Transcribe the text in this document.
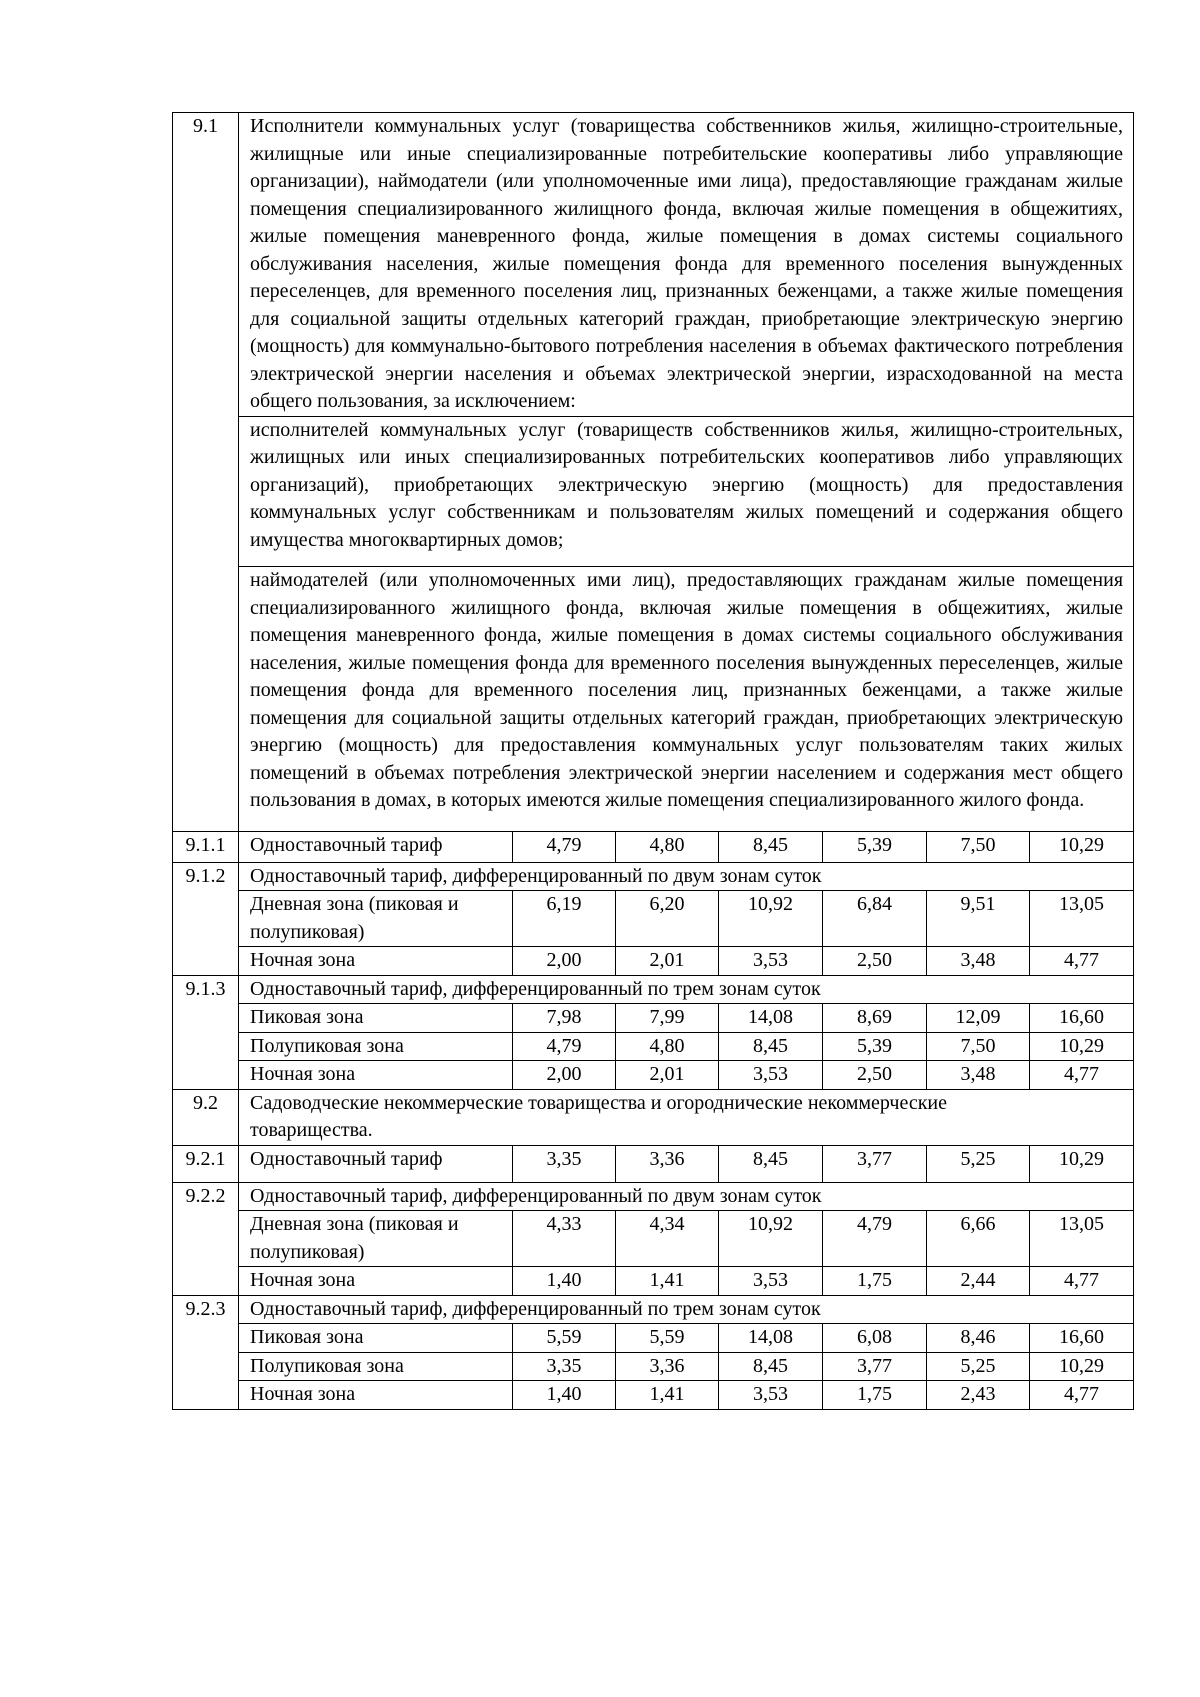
9.1	Исполнители коммунальных услуг (товарищества собственников жилья, жилищно-строительные, жилищные или иные специализированные потребительские кооперативы либо управляющие организации), наймодатели (или уполномоченные ими лица), предоставляющие гражданам жилые помещения специализированного жилищного фонда, включая жилые помещения в общежитиях, жилые помещения маневренного фонда, жилые помещения в домах системы социального обслуживания населения, жилые помещения фонда для временного поселения вынужденных переселенцев, для временного поселения лиц, признанных беженцами, а также жилые помещения для социальной защиты отдельных категорий граждан, приобретающие электрическую энергию (мощность) для коммунально-бытового потребления населения в объемах фактического потребления электрической энергии населения и объемах электрической энергии, израсходованной на места общего пользования, за исключением:						
	исполнителей коммунальных услуг (товариществ собственников жилья, жилищно-строительных, жилищных или иных специализированных потребительских кооперативов либо управляющих организаций), приобретающих электрическую энергию (мощность) для предоставления коммунальных услуг собственникам и пользователям жилых помещений и содержания общего имущества многоквартирных домов;						
	наймодателей (или уполномоченных ими лиц), предоставляющих гражданам жилые помещения специализированного жилищного фонда, включая жилые помещения в общежитиях, жилые помещения маневренного фонда, жилые помещения в домах системы социального обслуживания населения, жилые помещения фонда для временного поселения вынужденных переселенцев, жилые помещения фонда для временного поселения лиц, признанных беженцами, а также жилые помещения для социальной защиты отдельных категорий граждан, приобретающих электрическую энергию (мощность) для предоставления коммунальных услуг пользователям таких жилых помещений в объемах потребления электрической энергии населением и содержания мест общего пользования в домах, в которых имеются жилые помещения специализированного жилого фонда.						
9.1.1	Одноставочный тариф	4,79	4,80	8,45	5,39	7,50	10,29
9.1.2	Одноставочный тариф, дифференцированный по двум зонам суток						
	Дневная зона (пиковая и полупиковая)	6,19	6,20	10,92	6,84	9,51	13,05
	Ночная зона	2,00	2,01	3,53	2,50	3,48	4,77
9.1.3	Одноставочный тариф, дифференцированный по трем зонам суток						
	Пиковая зона	7,98	7,99	14,08	8,69	12,09	16,60
	Полупиковая зона	4,79	4,80	8,45	5,39	7,50	10,29
	Ночная зона	2,00	2,01	3,53	2,50	3,48	4,77
9.2	Садоводческие некоммерческие товарищества и огороднические некоммерческие товарищества.						
9.2.1	Одноставочный тариф	3,35	3,36	8,45	3,77	5,25	10,29
9.2.2	Одноставочный тариф, дифференцированный по двум зонам суток						
	Дневная зона (пиковая и полупиковая)	4,33	4,34	10,92	4,79	6,66	13,05
	Ночная зона	1,40	1,41	3,53	1,75	2,44	4,77
9.2.3	Одноставочный тариф, дифференцированный по трем зонам суток						
	Пиковая зона	5,59	5,59	14,08	6,08	8,46	16,60
	Полупиковая зона	3,35	3,36	8,45	3,77	5,25	10,29
	Ночная зона	1,40	1,41	3,53	1,75	2,43	4,77
